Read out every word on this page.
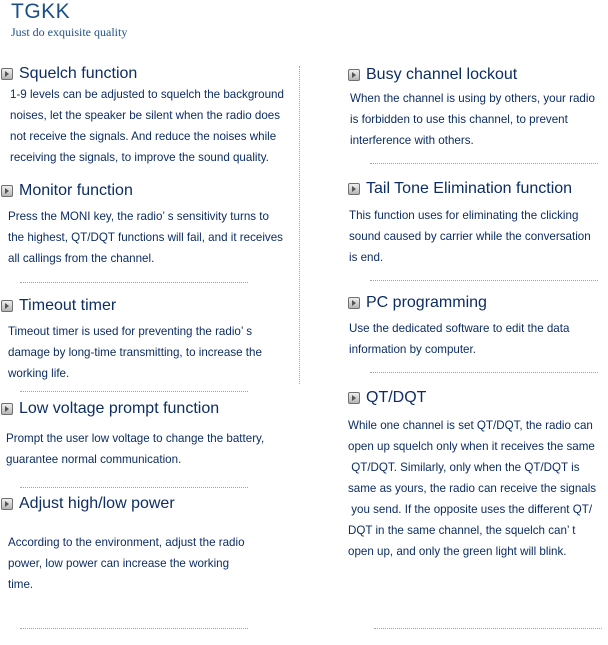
TGKK
Just do exquisite quality
Squelch function

1-9 levels can be adjusted to squelch the background
noises, let the speaker be silent when the radio does
not receive the signals. And reduce the noises while
receiving the signals, to improve the sound quality.

Monitor function

Press the MONI key, the radio’ s sensitivity turns to
the highest, QT/DQT functions will fail, and it receives
all callings from the channel.

Timeout timer

Timeout timer is used for preventing the radio’ s
damage by long-time transmitting, to increase the
working life.

Low voltage prompt function

Prompt the user low voltage to change the battery,
guarantee normal communication.

Adjust high/low power

According to the environment, adjust the radio
power, low power can increase the working
time.

Busy channel lockout

When the channel is using by others, your radio
is forbidden to use this channel, to prevent
interference with others.

Tail Tone Elimination function

This function uses for eliminating the clicking
sound caused by carrier while the conversation
is end.

PC programming

Use the dedicated software to edit the data
information by computer.

QT/DQT

While one channel is set QT/DQT, the radio can
open up squelch only when it receives the same
QT/DQT. Similarly, only when the QT/DQT is
same as yours, the radio can receive the signals
you send. If the opposite uses the different QT/
DQT in the same channel, the squelch can’ t
open up, and only the green light will blink.
